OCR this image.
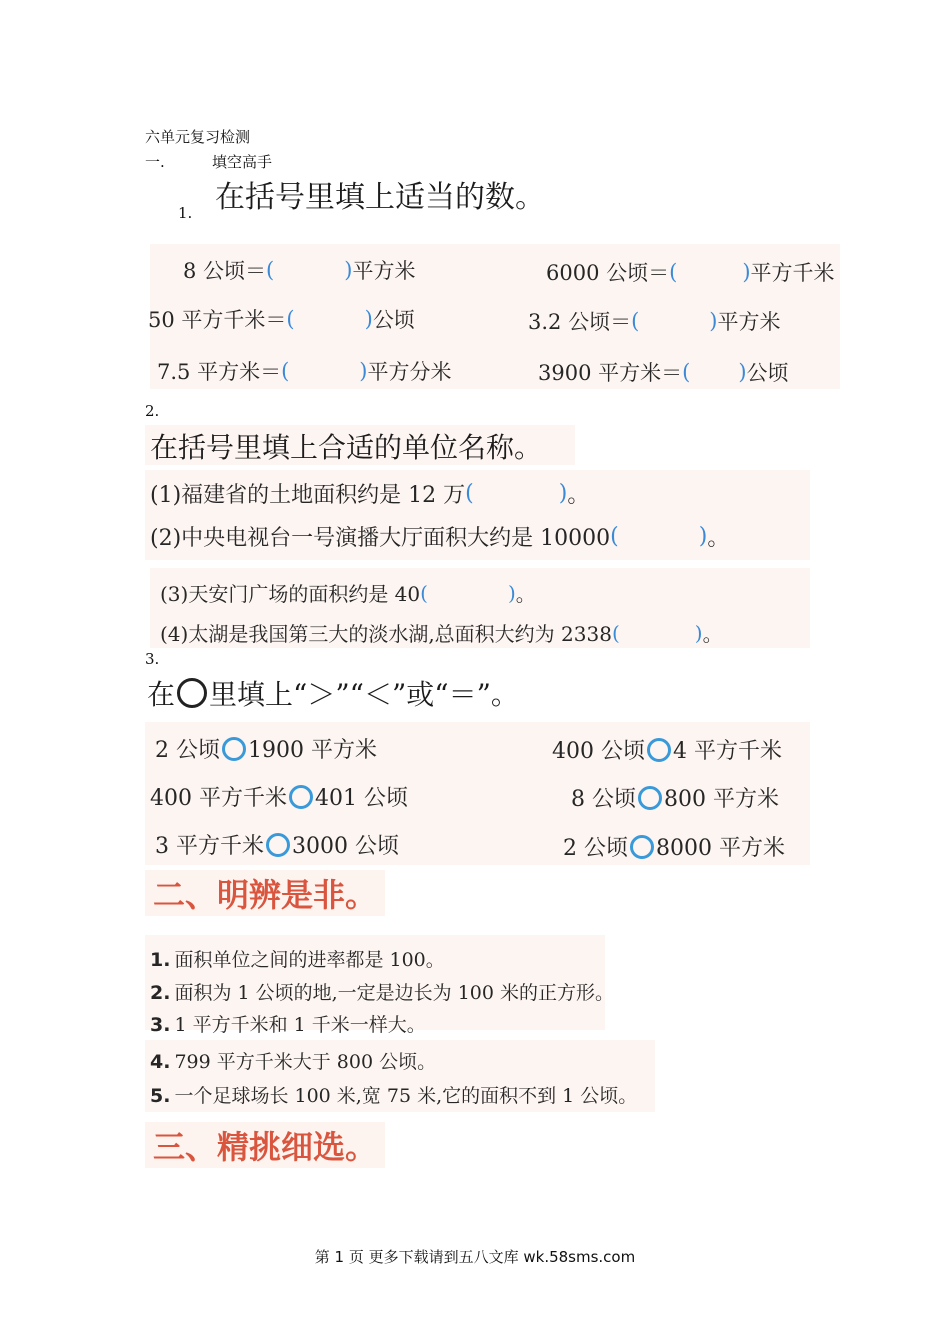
六单元复习检测
一.	填空高手
1. 在括号里填上适当的数。
8 公顷＝ (	) 平方米	6000 公顷＝ (	) 平方千米
50 平方千米＝ (	) 公顷	3.2 公顷＝ (	) 平方米
7.5 平方米＝ (	) 平方分米	3900 平方米＝ ( ) 公顷
2.
在括号里填上合适的单位名称。
(1)福建省的土地面积约是 12 万 (	) 。
(2)中央电视台一号演播大厅面积大约是 10000 (	) 。
(3)天安门广场的面积约是 40 (	) 。
(4)太湖是我国第三大的淡水湖,总面积大约为 2338 (	) 。
3.
在 里填上“＞”“＜”或“＝”。
2 公顷 1900 平方米	400 公顷 4 平方千米
400 平方千米 401 公顷	8 公顷 800 平方米
3 平方千米 3000 公顷	2 公顷 8000 平方米
二、明辨是非。
1. 面积单位之间的进率都是 100。
2. 面积为 1 公顷的地,一定是边长为 100 米的正方形。
3. 1 平方千米和 1 千米一样大。
4. 799 平方千米大于 800 公顷。
5. 一个足球场长 100 米,宽 75 米,它的面积不到 1 公顷。
三、精挑细选。
第 1 页 更多下载请到五八文库 wk.58sms.com
